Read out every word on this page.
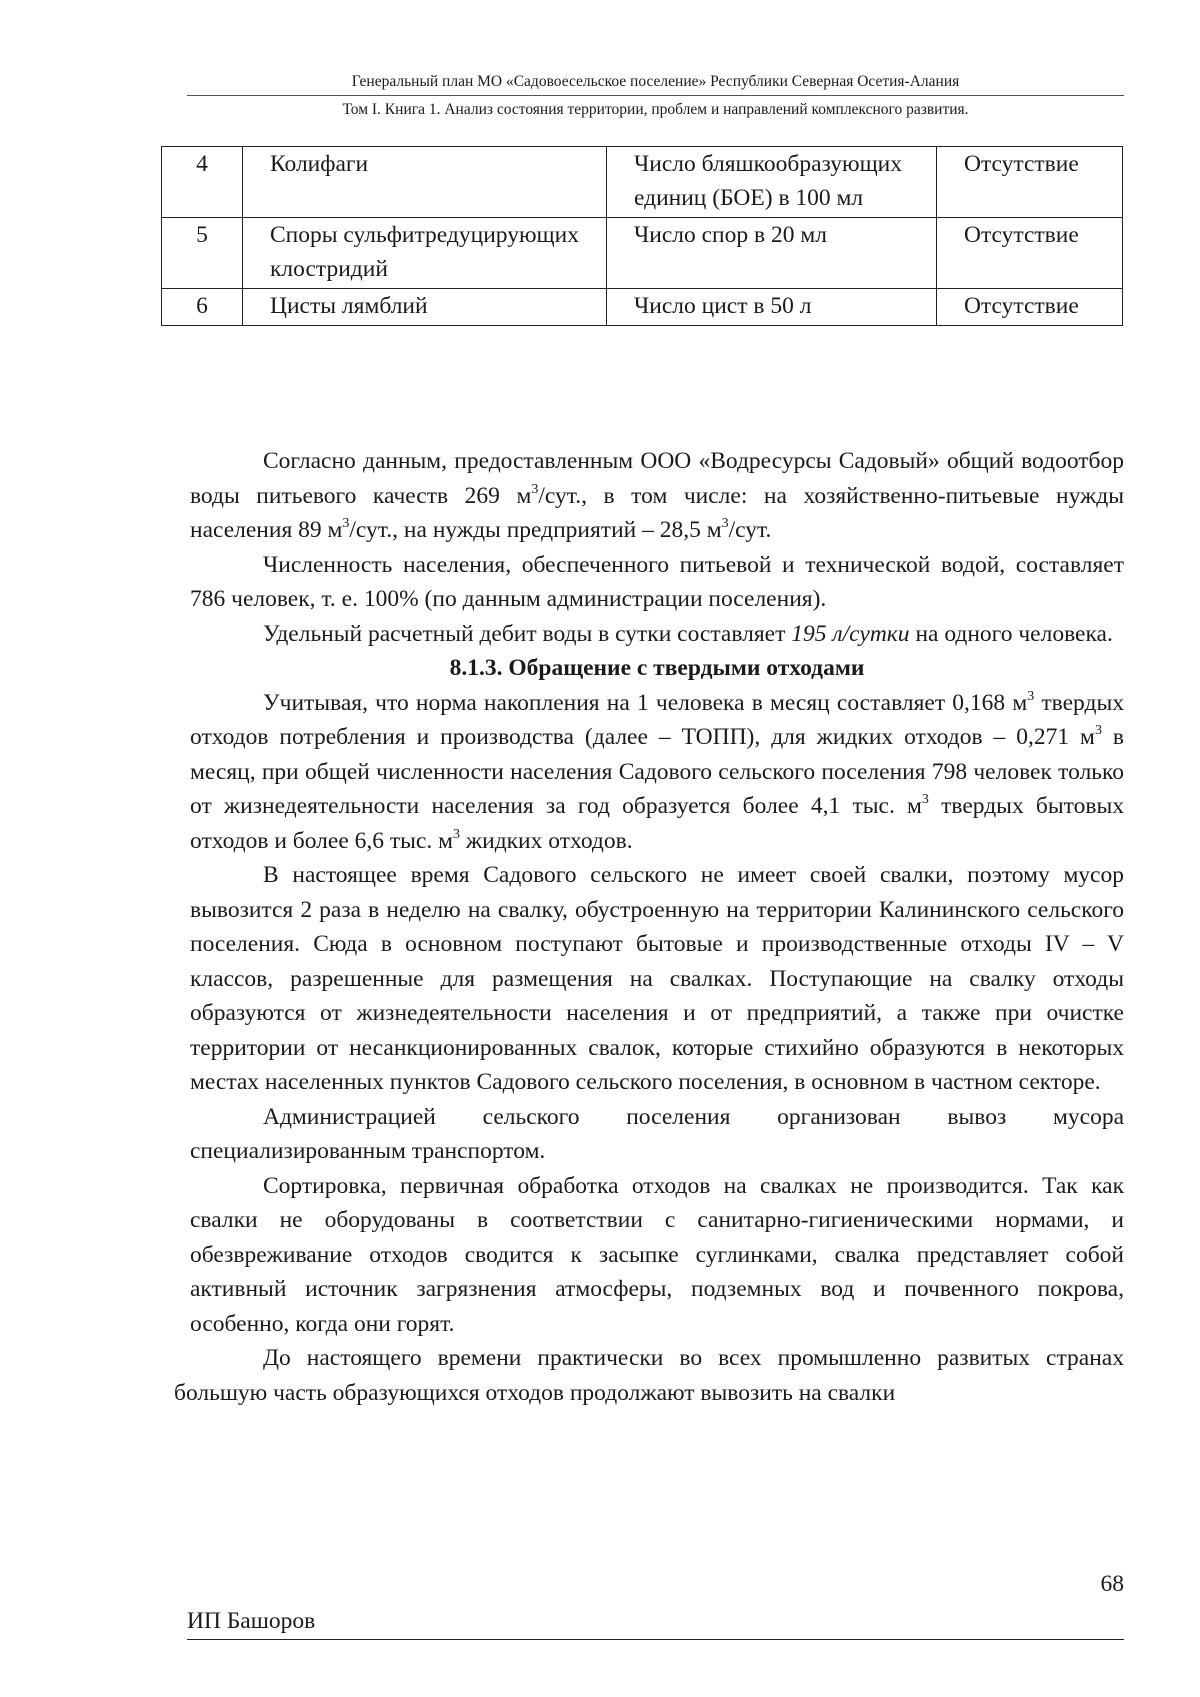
Генеральный план МО «Садовоесельское поселение» Республики Северная Осетия-Алания
Том I. Книга 1. Анализ состояния территории, проблем и направлений комплексного развития.
4	Колифаги	Число бляшкообразующих единиц (БОЕ) в 100 мл	Отсутствие
5	Споры сульфитредуцирующих клостридий	Число спор в 20 мл	Отсутствие
6	Цисты лямблий	Число цист в 50 л	Отсутствие

Согласно данным, предоставленным ООО «Водресурсы Садовый» общий водоотбор воды питьевого качеств 269 $м^3$/сут., в том числе: на хозяйственно-питьевые нужды населения 89 $м^3$/сут., на нужды предприятий – 28,5 $м^3$/сут.

Численность населения, обеспеченного питьевой и технической водой, составляет 786 человек, т. е. 100% (по данным администрации поселения).

Удельный расчетный дебит воды в сутки составляет 195 л/сутки на одного человека.

8.1.3. Обращение с твердыми отходами

Учитывая, что норма накопления на 1 человека в месяц составляет 0,168 $м^3$ твердых отходов потребления и производства (далее – ТОПП), для жидких отходов – 0,271 $м^3$ в месяц, при общей численности населения Садового сельского поселения 798 человек только от жизнедеятельности населения за год образуется более 4,1 тыс. $м^3$ твердых бытовых отходов и более 6,6 тыс. $м^3$ жидких отходов.

В настоящее время Садового сельского не имеет своей свалки, поэтому мусор вывозится 2 раза в неделю на свалку, обустроенную на территории Калининского сельского поселения. Сюда в основном поступают бытовые и производственные отходы IV – V классов, разрешенные для размещения на свалках. Поступающие на свалку отходы образуются от жизнедеятельности населения и от предприятий, а также при очистке территории от несанкционированных свалок, которые стихийно образуются в некоторых местах населенных пунктов Садового сельского поселения, в основном в частном секторе.

Администрацией сельского поселения организован вывоз мусора специализированным транспортом.

Сортировка, первичная обработка отходов на свалках не производится. Так как свалки не оборудованы в соответствии с санитарно-гигиеническими нормами, и обезвреживание отходов сводится к засыпке суглинками, свалка представляет собой активный источник загрязнения атмосферы, подземных вод и почвенного покрова, особенно, когда они горят.

До настоящего времени практически во всех промышленно развитых странах большую часть образующихся отходов продолжают вывозить на свалки

68
ИП Башоров
